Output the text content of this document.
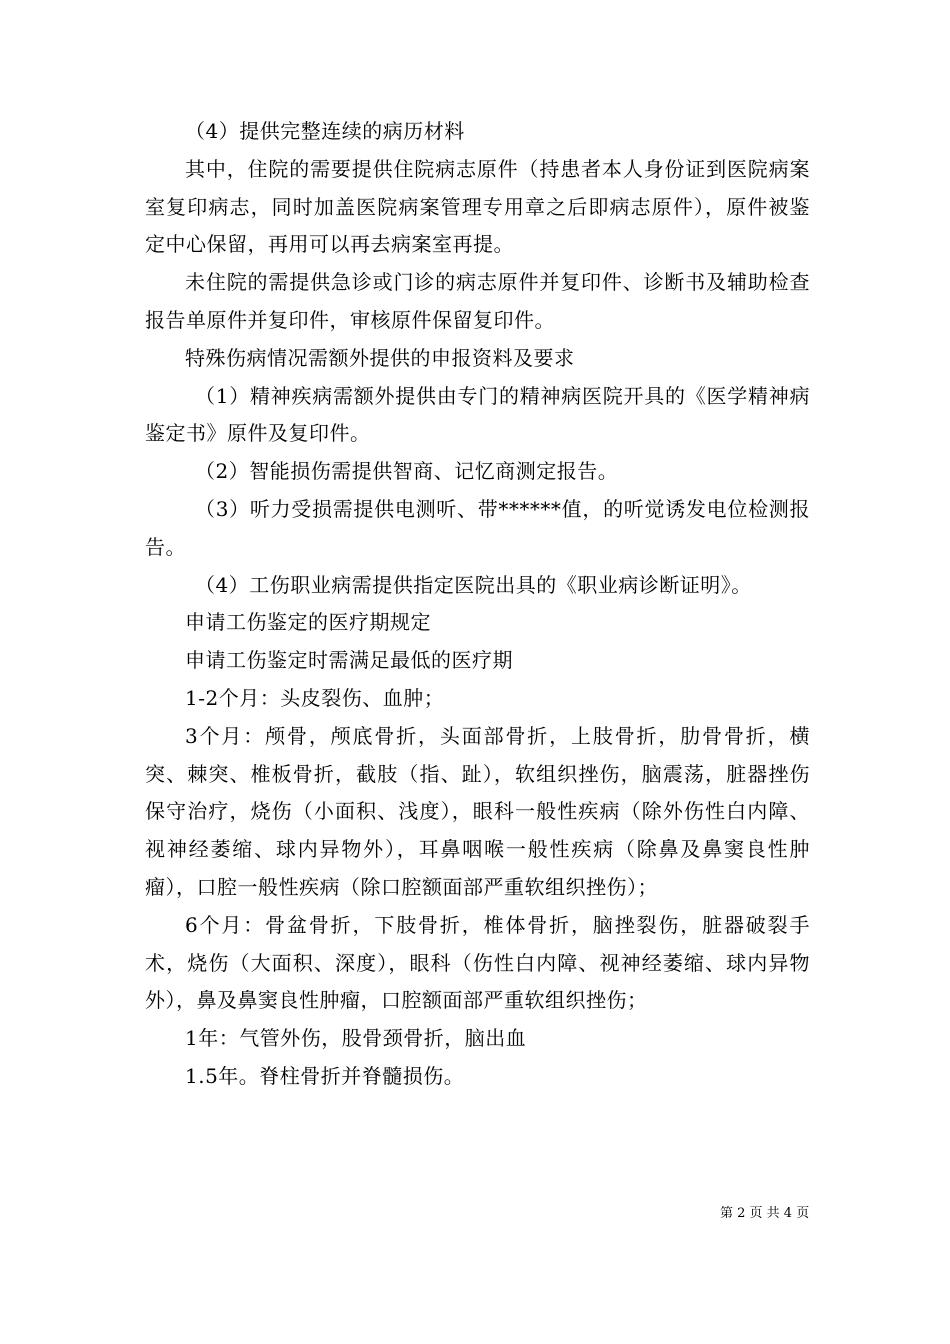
（4）提供完整连续的病历材料

其中，住院的需要提供住院病志原件（持患者本人身份证到医院病案室复印病志，同时加盖医院病案管理专用章之后即病志原件），原件被鉴定中心保留，再用可以再去病案室再提。

未住院的需提供急诊或门诊的病志原件并复印件、诊断书及辅助检查报告单原件并复印件，审核原件保留复印件。

特殊伤病情况需额外提供的申报资料及要求

（1）精神疾病需额外提供由专门的精神病医院开具的《医学精神病鉴定书》原件及复印件。

（2）智能损伤需提供智商、记忆商测定报告。

（3）听力受损需提供电测听、带******值，的听觉诱发电位检测报告。

（4）工伤职业病需提供指定医院出具的《职业病诊断证明》。

申请工伤鉴定的医疗期规定

申请工伤鉴定时需满足最低的医疗期

1-2个月：头皮裂伤、血肿；

3个月：颅骨，颅底骨折，头面部骨折，上肢骨折，肋骨骨折，横突、棘突、椎板骨折，截肢（指、趾），软组织挫伤，脑震荡，脏器挫伤保守治疗，烧伤（小面积、浅度），眼科一般性疾病（除外伤性白内障、视神经萎缩、球内异物外），耳鼻咽喉一般性疾病（除鼻及鼻窦良性肿瘤），口腔一般性疾病（除口腔额面部严重软组织挫伤）；

6个月：骨盆骨折，下肢骨折，椎体骨折，脑挫裂伤，脏器破裂手术，烧伤（大面积、深度），眼科（伤性白内障、视神经萎缩、球内异物外），鼻及鼻窦良性肿瘤，口腔额面部严重软组织挫伤；

1年：气管外伤，股骨颈骨折，脑出血

1.5年。脊柱骨折并脊髓损伤。

第 2 页 共 4 页
